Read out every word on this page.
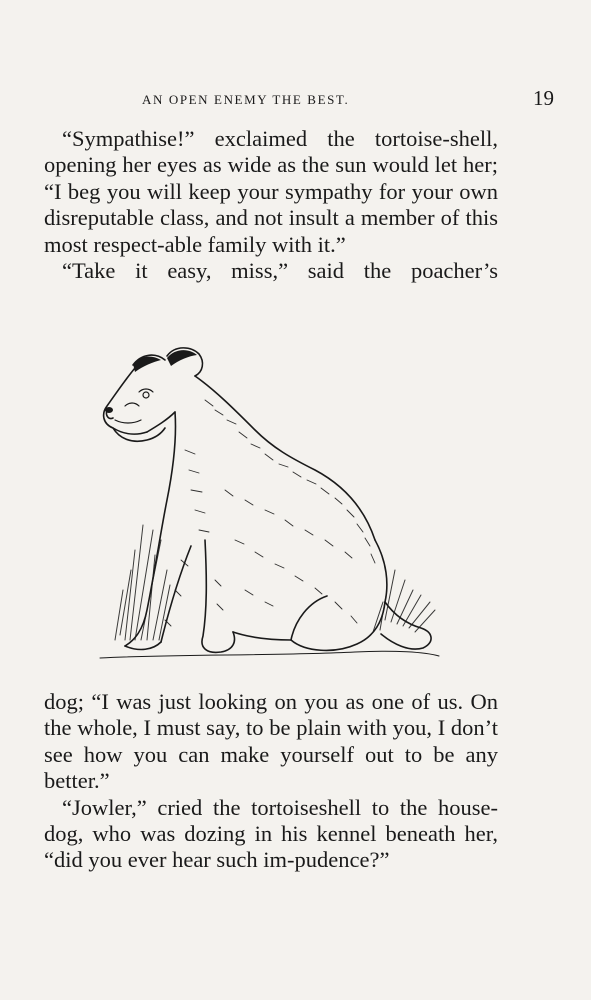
AN OPEN ENEMY THE BEST.	19

“Sympathise!” exclaimed the tortoise-shell, opening her eyes as wide as the sun would let her; “I beg you will keep your sympathy for your own disreputable class, and not insult a member of this most respect-able family with it.”

“Take it easy, miss,” said the poacher’s

dog; “I was just looking on you as one of us. On the whole, I must say, to be plain with you, I don’t see how you can make yourself out to be any better.”

“Jowler,” cried the tortoiseshell to the house-dog, who was dozing in his kennel beneath her, “did you ever hear such im-pudence?”
